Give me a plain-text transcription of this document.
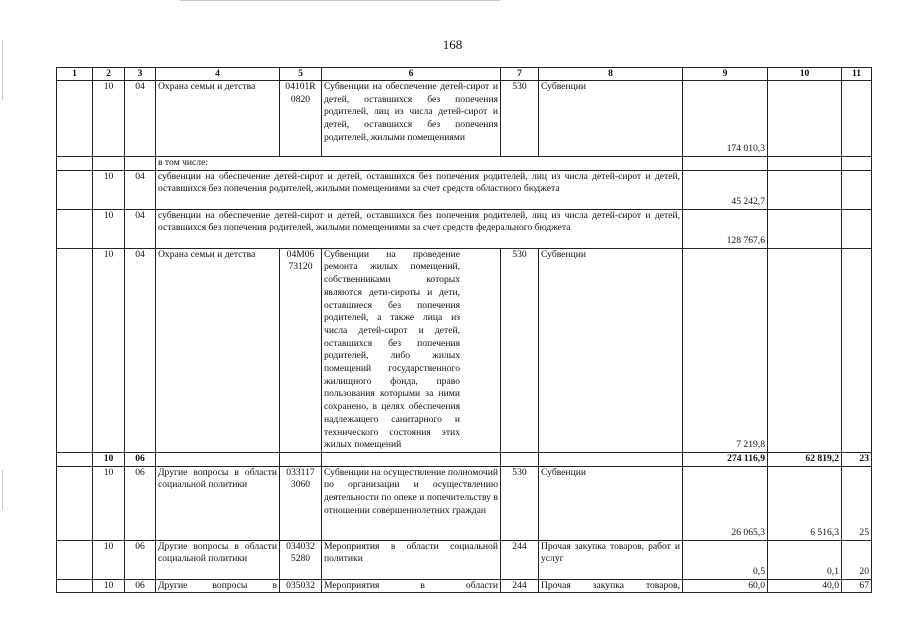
168
1	2	3	4	5	6	7	8	9	10	11
	10	04	Охрана семьи и детства	04101R 0820	Субвенции на обеспечение детей-сирот и детей, оставшихся без попечения родителей, лиц из числа детей-сирот и детей, оставшихся без попечения родителей, жилыми помещениями	530	Субвенции	174 010,3		
			в том числе:							
	10	04	субвенции на обеспечение детей-сирот и детей, оставшихся без попечения родителей, лиц из числа детей-сирот и детей, оставшихся без попечения родителей, жилыми помещениями за счет средств областного бюджета					45 242,7		
	10	04	субвенции на обеспечение детей-сирот и детей, оставшихся без попечения родителей, лиц из числа детей-сирот и детей, оставшихся без попечения родителей, жилыми помещениями за счет средств федерального бюджета					128 767,6		
	10	04	Охрана семьи и детства	04М06 73120	Субвенции на проведение ремонта жилых помещений, собственниками которых являются дети-сироты и дети, оставшиеся без попечения родителей, а также лица из числа детей-сирот и детей, оставшихся без попечения родителей, либо жилых помещений государственного жилищного фонда, право пользования которыми за ними сохранено, в целях обеспечения надлежащего санитарного и технического состояния этих жилых помещений	530	Субвенции	7 219,8		
	10	06						274 116,9	62 819,2	23
	10	06	Другие вопросы в области социальной политики	033117 3060	Субвенции на осуществление полномочий по организации и осуществлению деятельности по опеке и попечительству в отношении совершеннолетних граждан	530	Субвенции	26 065,3	6 516,3	25
	10	06	Другие вопросы в области социальной политики	034032 5280	Мероприятия в области социальной политики	244	Прочая закупка товаров, работ и услуг	0,5	0,1	20
	10	06	Другие вопросы в	035032	Мероприятия в области	244	Прочая закупка товаров,	60,0	40,0	67
